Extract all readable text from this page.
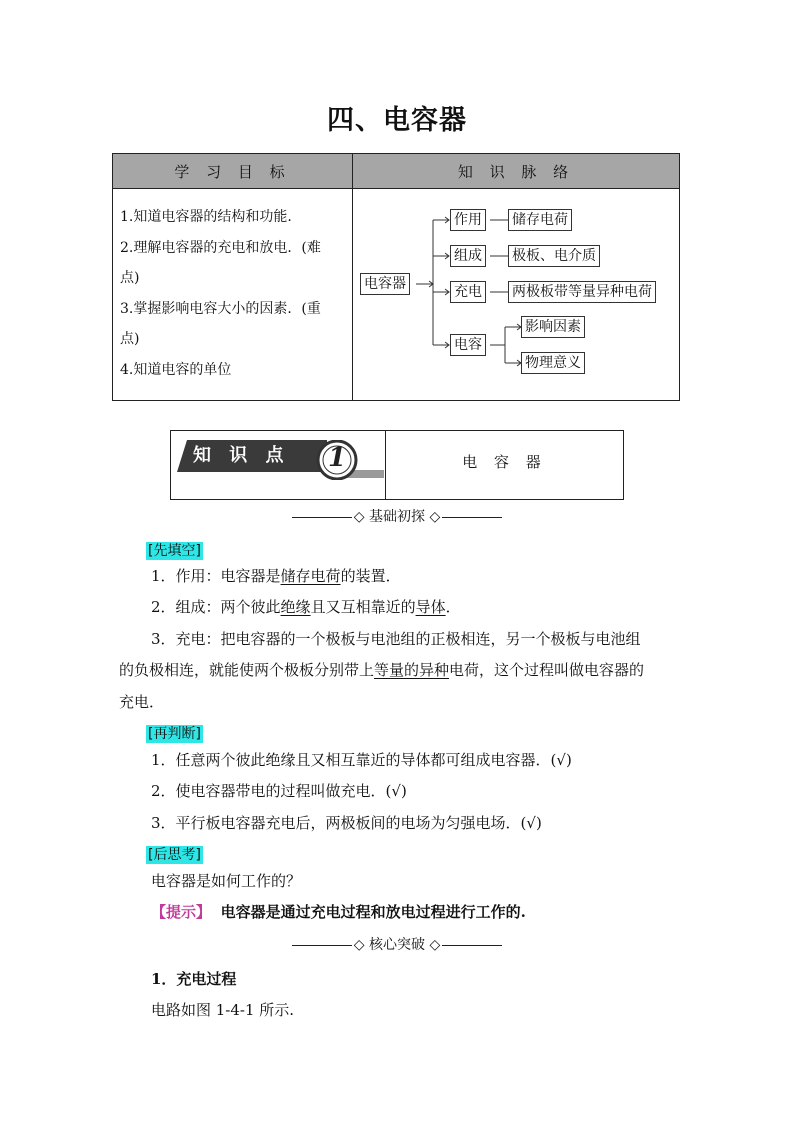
四、电容器
学 习 目 标	知 识 脉 络
1.知道电容器的结构和功能.
2.理解电容器的充电和放电．(难
点)
3.掌握影响电容大小的因素．(重
点)
4.知道电容的单位
电容器
作用 储存电荷
组成 极板、电介质
充电 两极板带等量异种电荷
电容
影响因素
物理意义
知 识 点	1	电 容 器
◇ 基础初探 ◇
[先填空]
1．作用：电容器是储存电荷的装置．
2．组成：两个彼此绝缘且又互相靠近的导体．
3．充电：把电容器的一个极板与电池组的正极相连，另一个极板与电池组
的负极相连，就能使两个极板分别带上等量的异种电荷，这个过程叫做电容器的
充电．
[再判断]
1．任意两个彼此绝缘且又相互靠近的导体都可组成电容器．(√)
2．使电容器带电的过程叫做充电．(√)
3．平行板电容器充电后，两极板间的电场为匀强电场．(√)
[后思考]
电容器是如何工作的？
【提示】 电容器是通过充电过程和放电过程进行工作的.
◇ 核心突破 ◇
1．充电过程
电路如图 1-4-1 所示.
